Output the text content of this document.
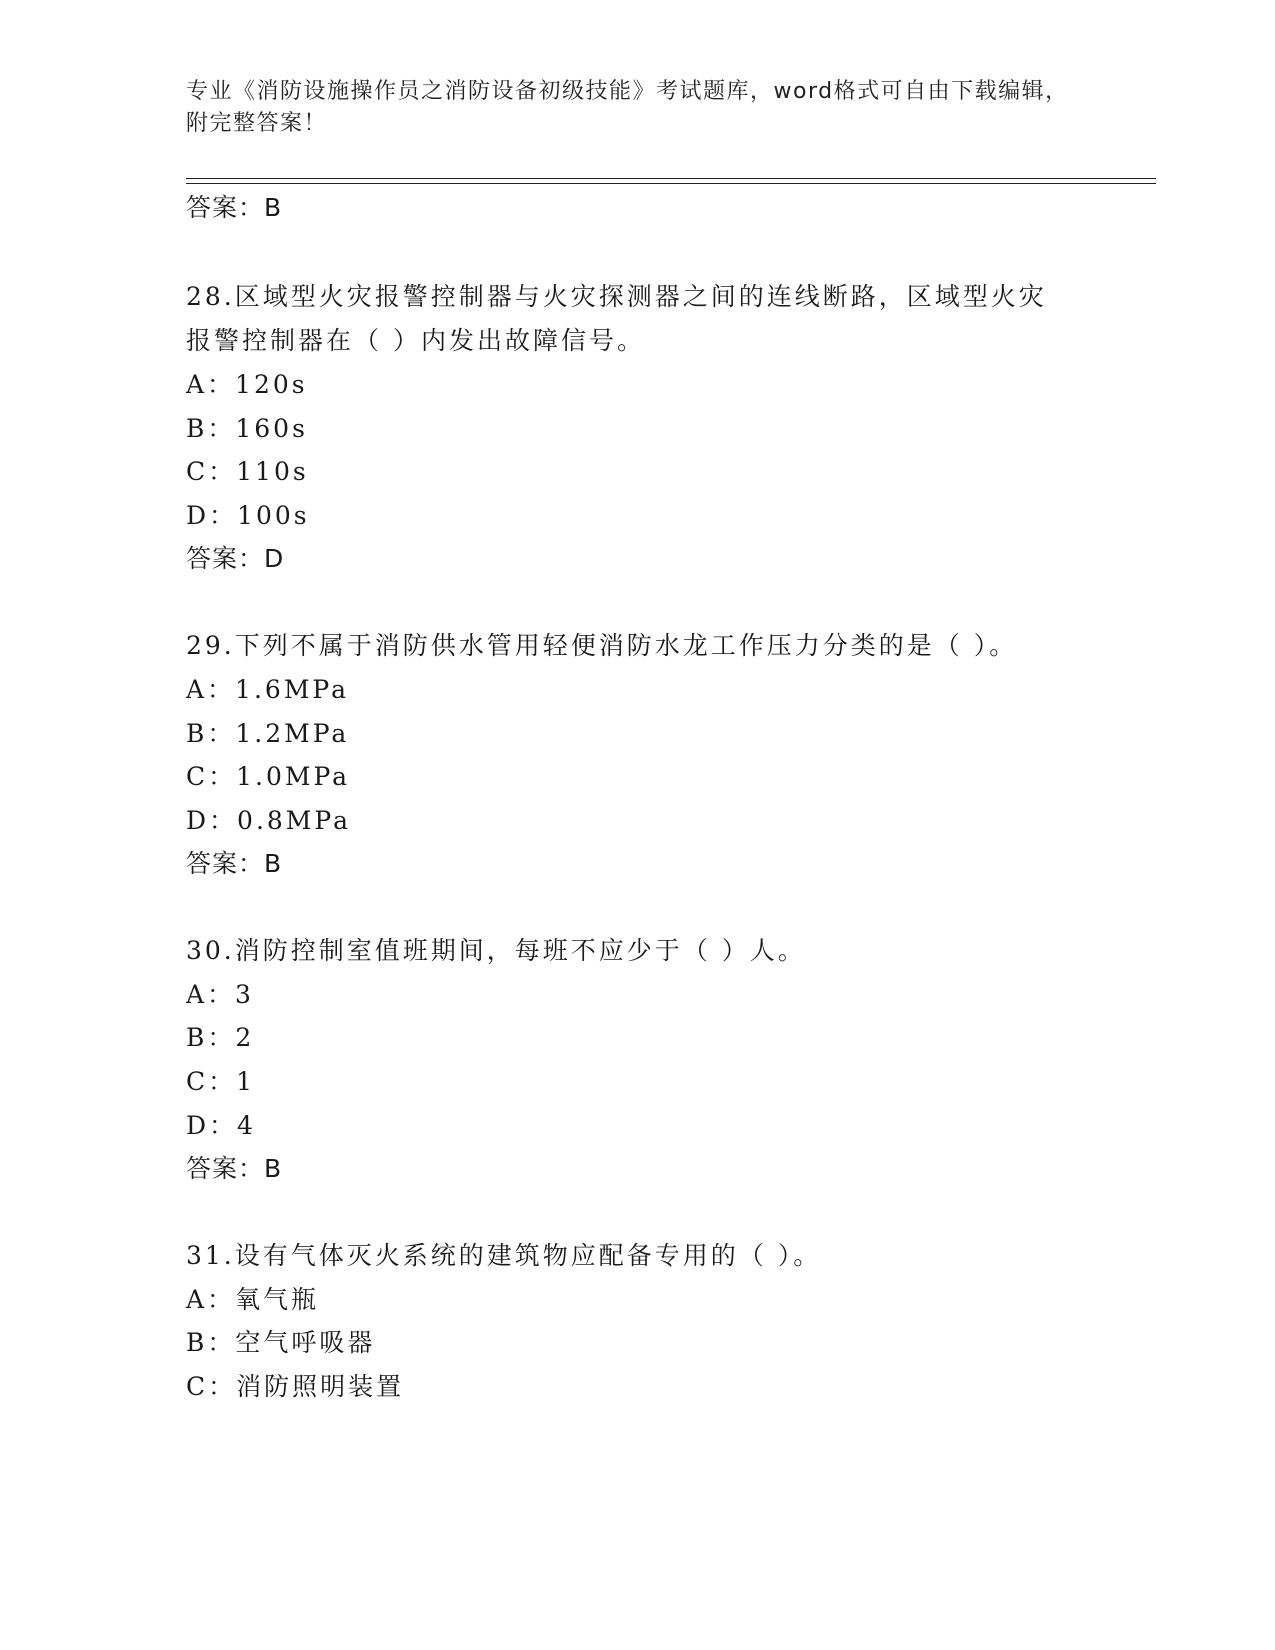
专业《消防设施操作员之消防设备初级技能》考试题库，word格式可自由下载编辑，附完整答案！
答案：B
28.区域型火灾报警控制器与火灾探测器之间的连线断路，区域型火灾
报警控制器在（ ）内发出故障信号。
A：120s
B：160s
C：110s
D：100s
答案：D
29.下列不属于消防供水管用轻便消防水龙工作压力分类的是（ ）。
A：1.6MPa
B：1.2MPa
C：1.0MPa
D：0.8MPa
答案：B
30.消防控制室值班期间，每班不应少于（ ）人。
A：3
B：2
C：1
D：4
答案：B
31.设有气体灭火系统的建筑物应配备专用的（ ）。
A：氧气瓶
B：空气呼吸器
C：消防照明装置
